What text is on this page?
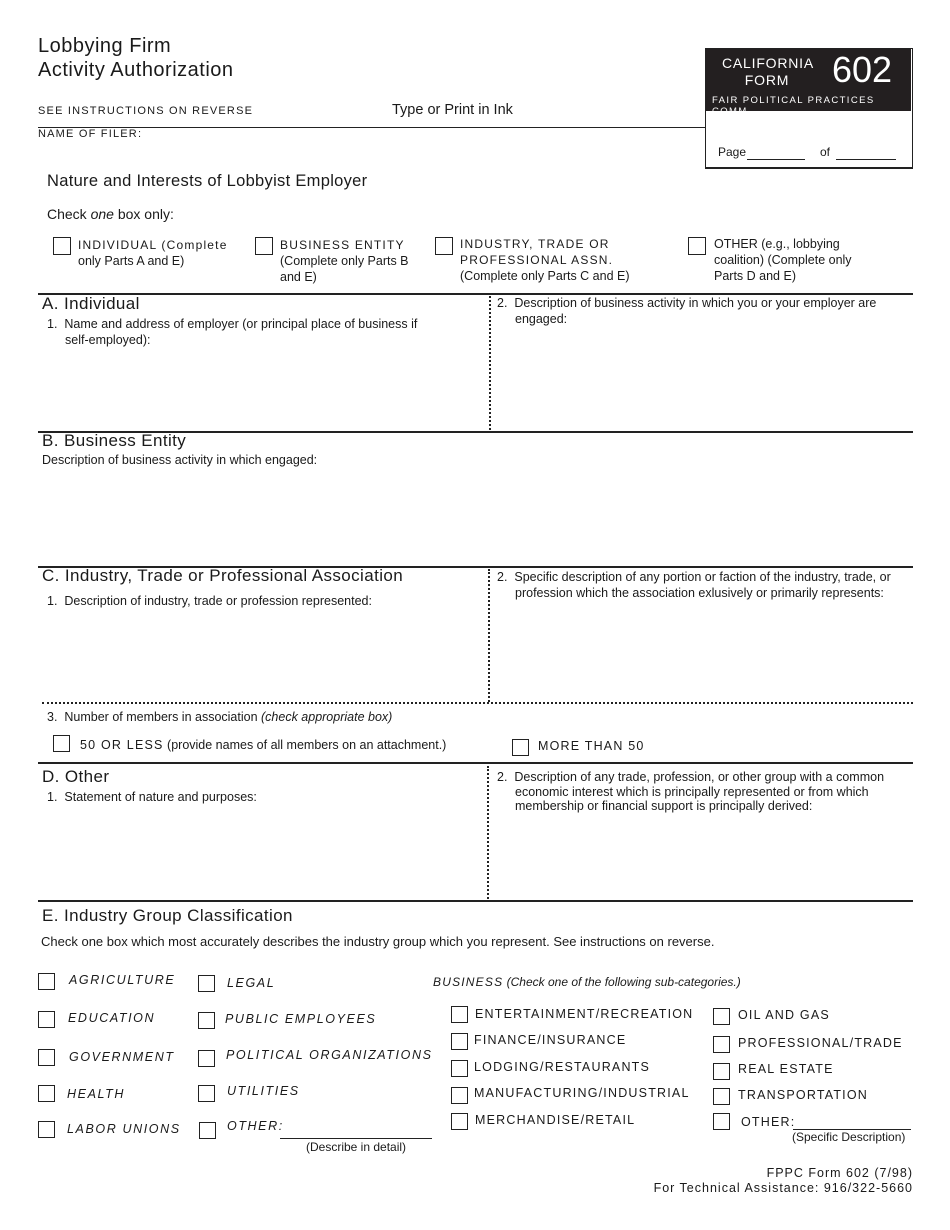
Lobbying Firm
Activity Authorization
SEE INSTRUCTIONS ON REVERSE	Type or Print in Ink
NAME OF FILER:
CALIFORNIA
FORM	602
FAIR POLITICAL PRACTICES COMM.
Page	of
Nature and Interests of Lobbyist Employer
Check one box only:
INDIVIDUAL (Complete
only Parts A and E)
BUSINESS ENTITY
(Complete only Parts B
and E)
INDUSTRY, TRADE OR
PROFESSIONAL ASSN.
(Complete only Parts C and E)
OTHER (e.g., lobbying
coalition) (Complete only
Parts D and E)
A. Individual
1. Name and address of employer (or principal place of business if
self-employed):
2. Description of business activity in which you or your employer are
engaged:
B. Business Entity
Description of business activity in which engaged:
C. Industry, Trade or Professional Association
1. Description of industry, trade or profession represented:
2. Specific description of any portion or faction of the industry, trade, or
profession which the association exlusively or primarily represents:
3. Number of members in association (check appropriate box)
50 OR LESS (provide names of all members on an attachment.)	MORE THAN 50
D. Other
1. Statement of nature and purposes:
2. Description of any trade, profession, or other group with a common
economic interest which is principally represented or from which
membership or financial support is principally derived:
E. Industry Group Classification
Check one box which most accurately describes the industry group which you represent. See instructions on reverse.
AGRICULTURE
EDUCATION
GOVERNMENT
HEALTH
LABOR UNIONS
LEGAL
PUBLIC EMPLOYEES
POLITICAL ORGANIZATIONS
UTILITIES
OTHER:
(Describe in detail)
BUSINESS (Check one of the following sub-categories.)
ENTERTAINMENT/RECREATION
FINANCE/INSURANCE
LODGING/RESTAURANTS
MANUFACTURING/INDUSTRIAL
MERCHANDISE/RETAIL
OIL AND GAS
PROFESSIONAL/TRADE
REAL ESTATE
TRANSPORTATION
OTHER:
(Specific Description)
FPPC Form 602 (7/98)
For Technical Assistance: 916/322-5660
